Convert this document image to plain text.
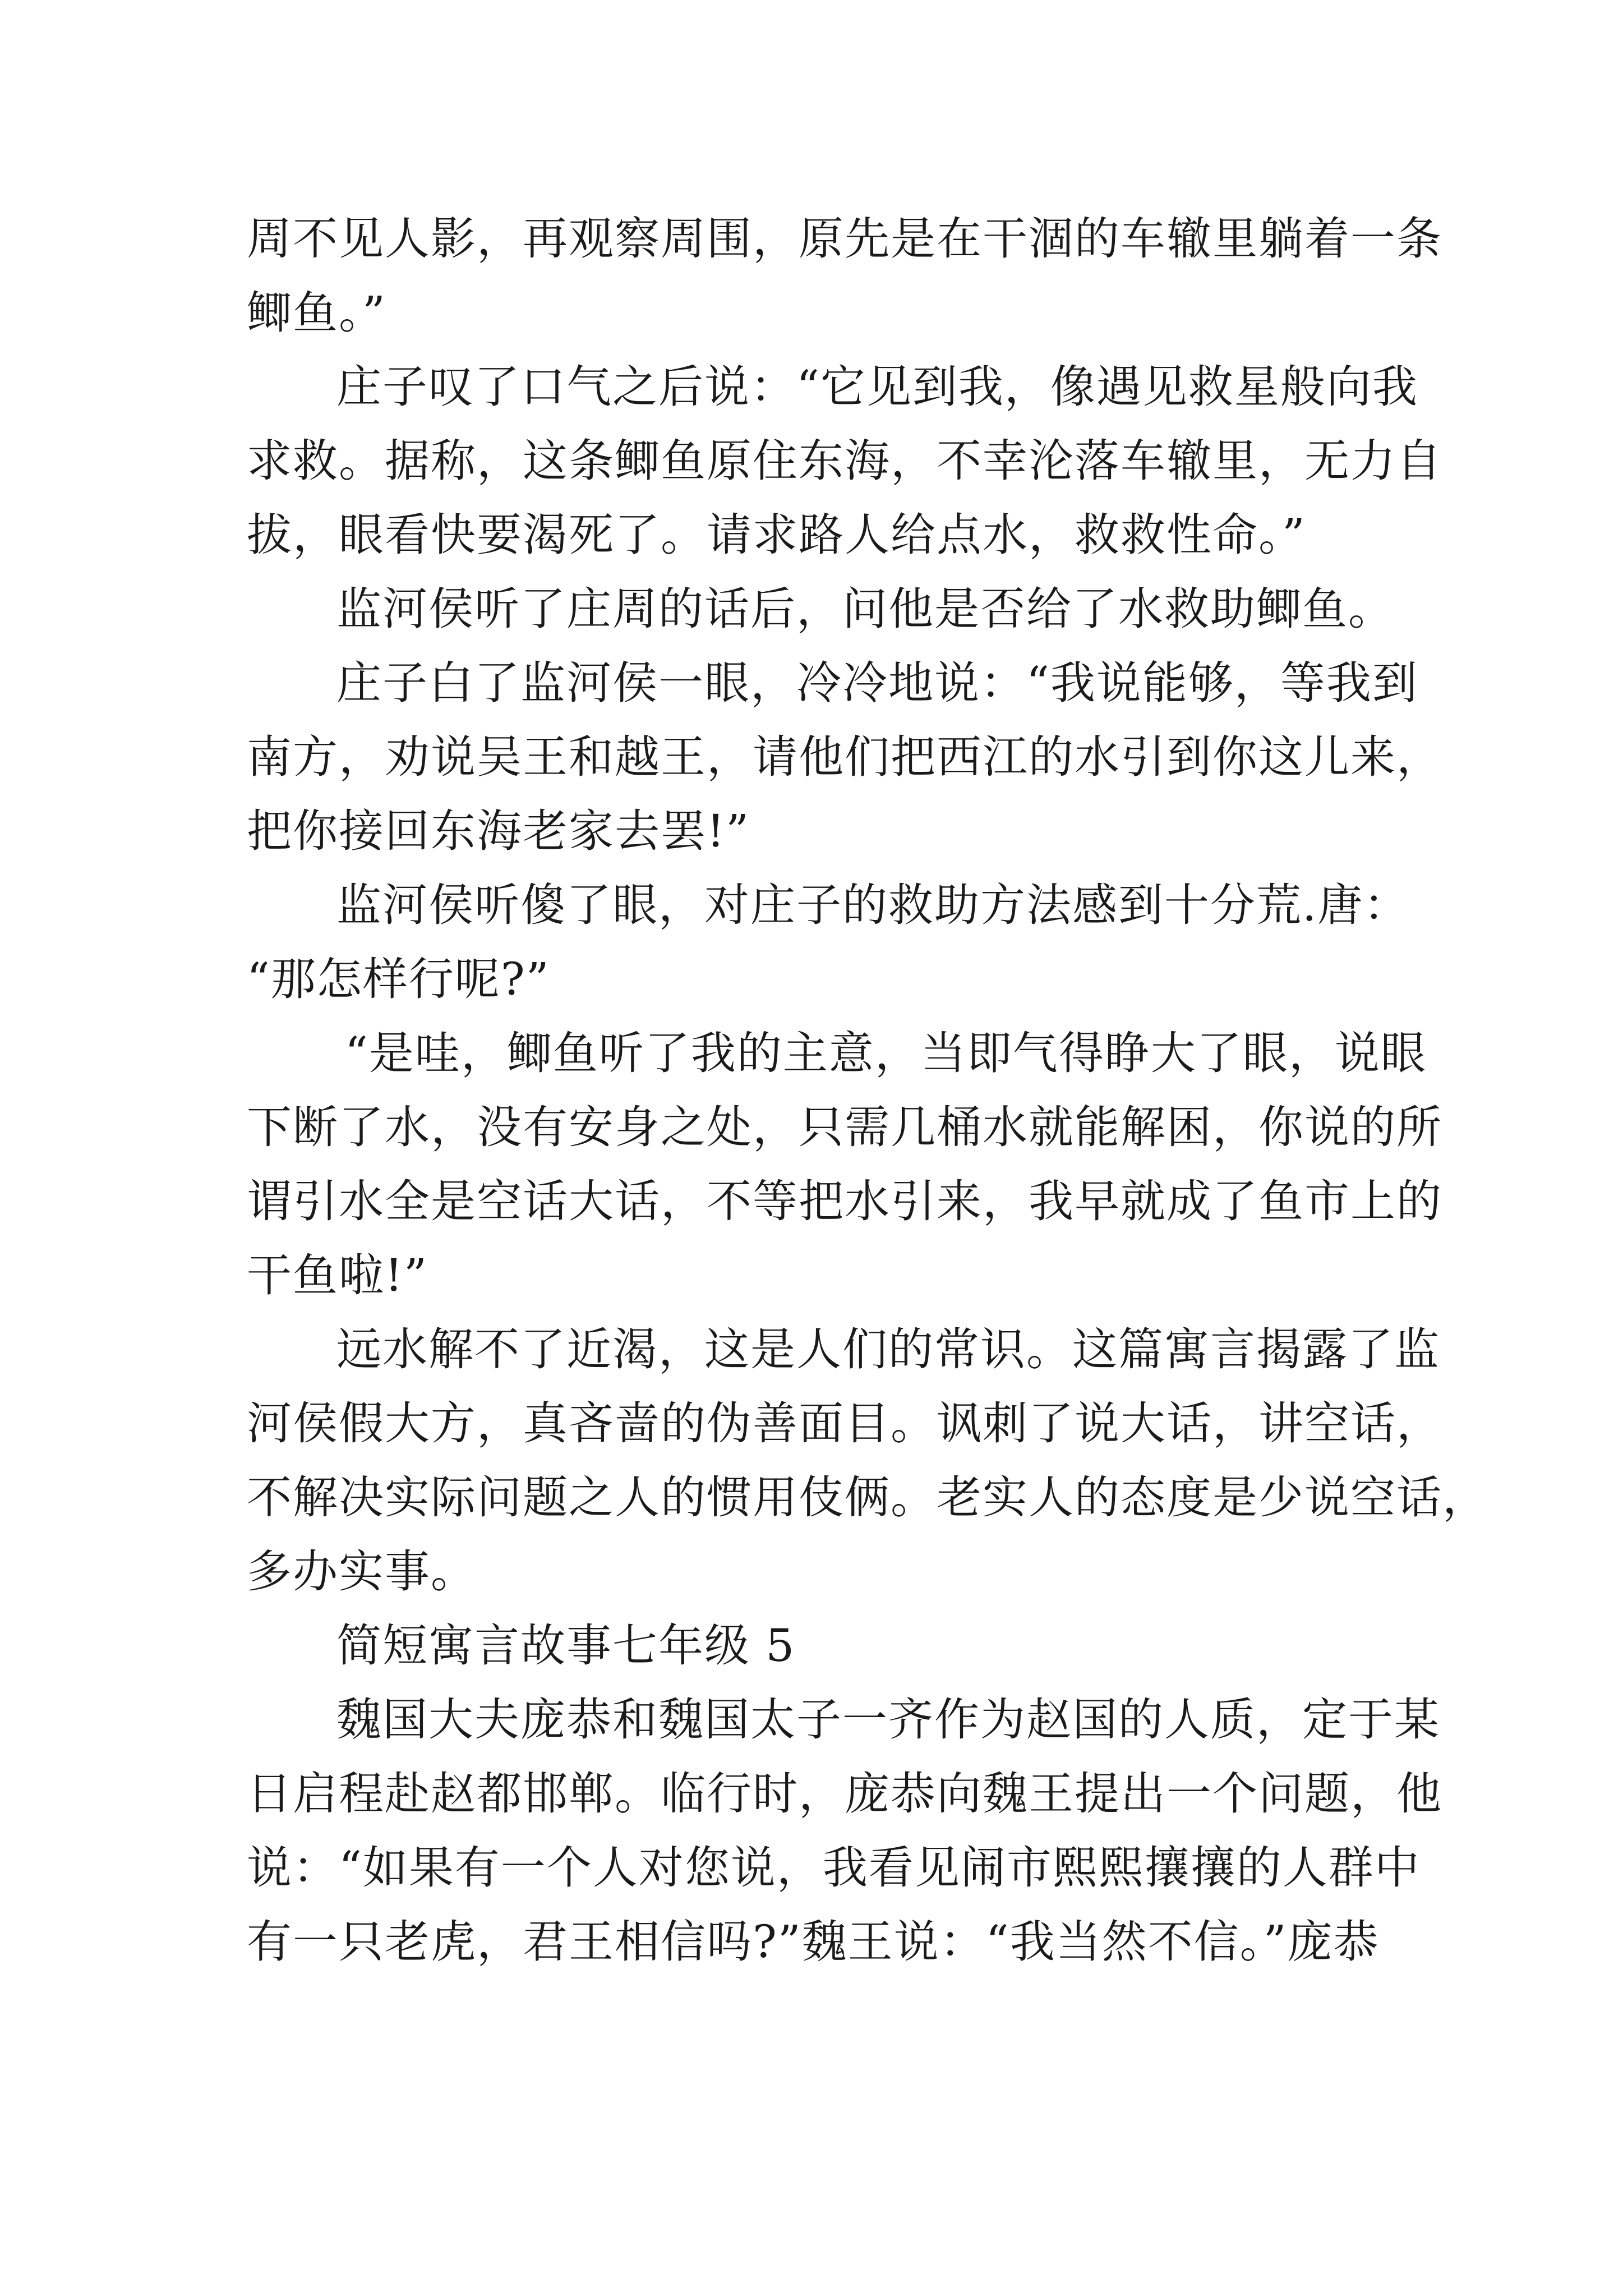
周不见人影，再观察周围，原先是在干涸的车辙里躺着一条
鲫鱼。”
庄子叹了口气之后说：“它见到我，像遇见救星般向我
求救。据称，这条鲫鱼原住东海，不幸沦落车辙里，无力自
拔，眼看快要渴死了。请求路人给点水，救救性命。”
监河侯听了庄周的话后，问他是否给了水救助鲫鱼。
庄子白了监河侯一眼，冷冷地说：“我说能够，等我到
南方，劝说吴王和越王，请他们把西江的水引到你这儿来，
把你接回东海老家去罢!”
监河侯听傻了眼，对庄子的救助方法感到十分荒.唐：
“那怎样行呢?”
“是哇，鲫鱼听了我的主意，当即气得睁大了眼，说眼
下断了水，没有安身之处，只需几桶水就能解困，你说的所
谓引水全是空话大话，不等把水引来，我早就成了鱼市上的
干鱼啦!”
远水解不了近渴，这是人们的常识。这篇寓言揭露了监
河侯假大方，真吝啬的伪善面目。讽刺了说大话，讲空话，
不解决实际问题之人的惯用伎俩。老实人的态度是少说空话，
多办实事。
简短寓言故事七年级 5
魏国大夫庞恭和魏国太子一齐作为赵国的人质，定于某
日启程赴赵都邯郸。临行时，庞恭向魏王提出一个问题，他
说：“如果有一个人对您说，我看见闹市熙熙攘攘的人群中
有一只老虎，君王相信吗?”魏王说：“我当然不信。”庞恭
